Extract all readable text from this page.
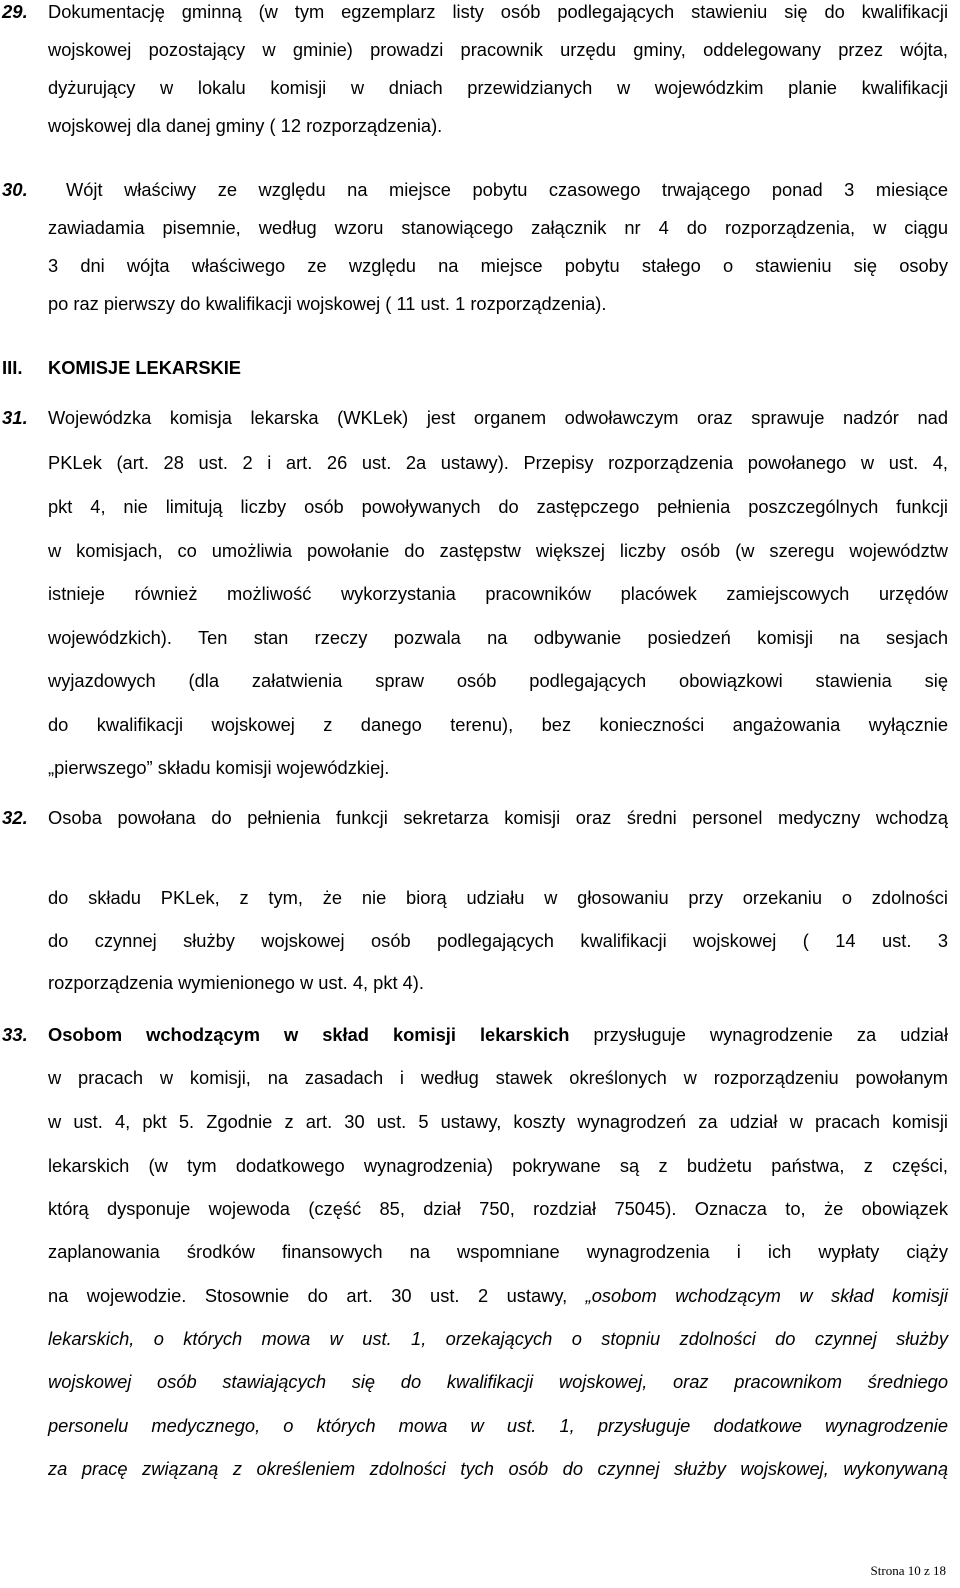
29. Dokumentację gminną (w tym egzemplarz listy osób podlegających stawieniu się do kwalifikacji
wojskowej pozostający w gminie) prowadzi pracownik urzędu gminy, oddelegowany przez wójta,
dyżurujący w lokalu komisji w dniach przewidzianych w wojewódzkim planie kwalifikacji
wojskowej dla danej gminy ( 12 rozporządzenia).
30. Wójt właściwy ze względu na miejsce pobytu czasowego trwającego ponad 3 miesiące
zawiadamia pisemnie, według wzoru stanowiącego załącznik nr 4 do rozporządzenia, w ciągu
3 dni wójta właściwego ze względu na miejsce pobytu stałego o stawieniu się osoby
po raz pierwszy do kwalifikacji wojskowej ( 11 ust. 1 rozporządzenia).
III. KOMISJE LEKARSKIE
31. Wojewódzka komisja lekarska (WKLek) jest organem odwoławczym oraz sprawuje nadzór nad
PKLek (art. 28 ust. 2 i art. 26 ust. 2a ustawy). Przepisy rozporządzenia powołanego w ust. 4,
pkt 4, nie limitują liczby osób powoływanych do zastępczego pełnienia poszczególnych funkcji
w komisjach, co umożliwia powołanie do zastępstw większej liczby osób (w szeregu województw
istnieje również możliwość wykorzystania pracowników placówek zamiejscowych urzędów
wojewódzkich). Ten stan rzeczy pozwala na odbywanie posiedzeń komisji na sesjach
wyjazdowych (dla załatwienia spraw osób podlegających obowiązkowi stawienia się
do kwalifikacji wojskowej z danego terenu), bez konieczności angażowania wyłącznie
„pierwszego” składu komisji wojewódzkiej.
32. Osoba powołana do pełnienia funkcji sekretarza komisji oraz średni personel medyczny wchodzą
do składu PKLek, z tym, że nie biorą udziału w głosowaniu przy orzekaniu o zdolności
do czynnej służby wojskowej osób podlegających kwalifikacji wojskowej ( 14 ust. 3
rozporządzenia wymienionego w ust. 4, pkt 4).
33. Osobom wchodzącym w skład komisji lekarskich przysługuje wynagrodzenie za udział
w pracach w komisji, na zasadach i według stawek określonych w rozporządzeniu powołanym
w ust. 4, pkt 5. Zgodnie z art. 30 ust. 5 ustawy, koszty wynagrodzeń za udział w pracach komisji
lekarskich (w tym dodatkowego wynagrodzenia) pokrywane są z budżetu państwa, z części,
którą dysponuje wojewoda (część 85, dział 750, rozdział 75045). Oznacza to, że obowiązek
zaplanowania środków finansowych na wspomniane wynagrodzenia i ich wypłaty ciąży
na wojewodzie. Stosownie do art. 30 ust. 2 ustawy, „osobom wchodzącym w skład komisji
lekarskich, o których mowa w ust. 1, orzekających o stopniu zdolności do czynnej służby
wojskowej osób stawiających się do kwalifikacji wojskowej, oraz pracownikom średniego
personelu medycznego, o których mowa w ust. 1, przysługuje dodatkowe wynagrodzenie
za pracę związaną z określeniem zdolności tych osób do czynnej służby wojskowej, wykonywaną
Strona 10 z 18
